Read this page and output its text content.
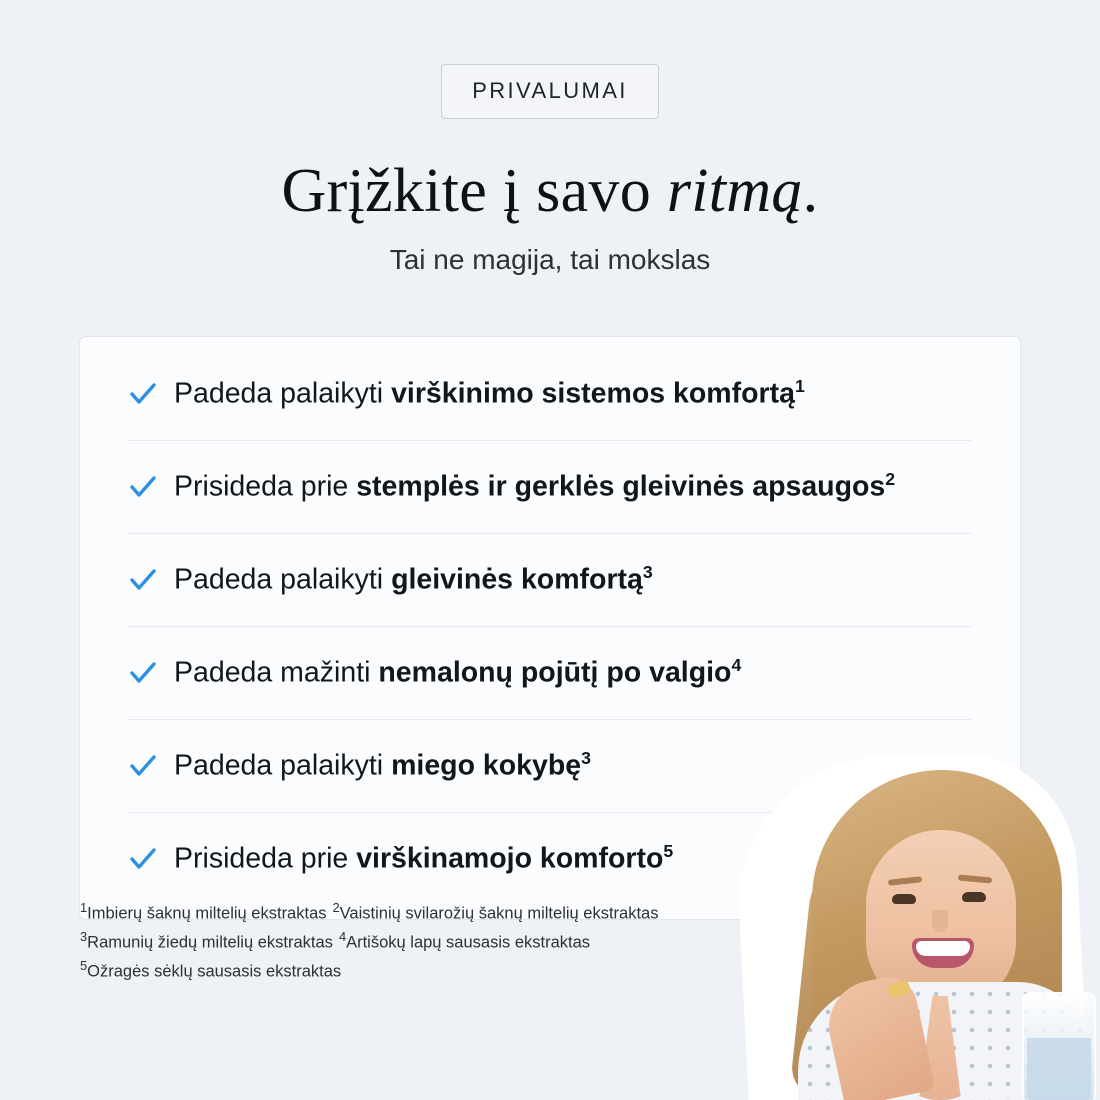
PRIVALUMAI
Grįžkite į savo ritmą.
Tai ne magija, tai mokslas
Padeda palaikyti virškinimo sistemos komfortą$^1$
Prisideda prie stemplės ir gerklės gleivinės apsaugos$^2$
Padeda palaikyti gleivinės komfortą$^3$
Padeda mažinti nemalonų pojūtį po valgio$^4$
Padeda palaikyti miego kokybę$^3$
Prisideda prie virškinamojo komforto$^5$
$^1$Imbierų šaknų miltelių ekstraktas $^2$Vaistinių svilarožių šaknų miltelių ekstraktas
$^3$Ramunių žiedų miltelių ekstraktas $^4$Artišokų lapų sausasis ekstraktas
$^5$Ožragės sėklų sausasis ekstraktas
